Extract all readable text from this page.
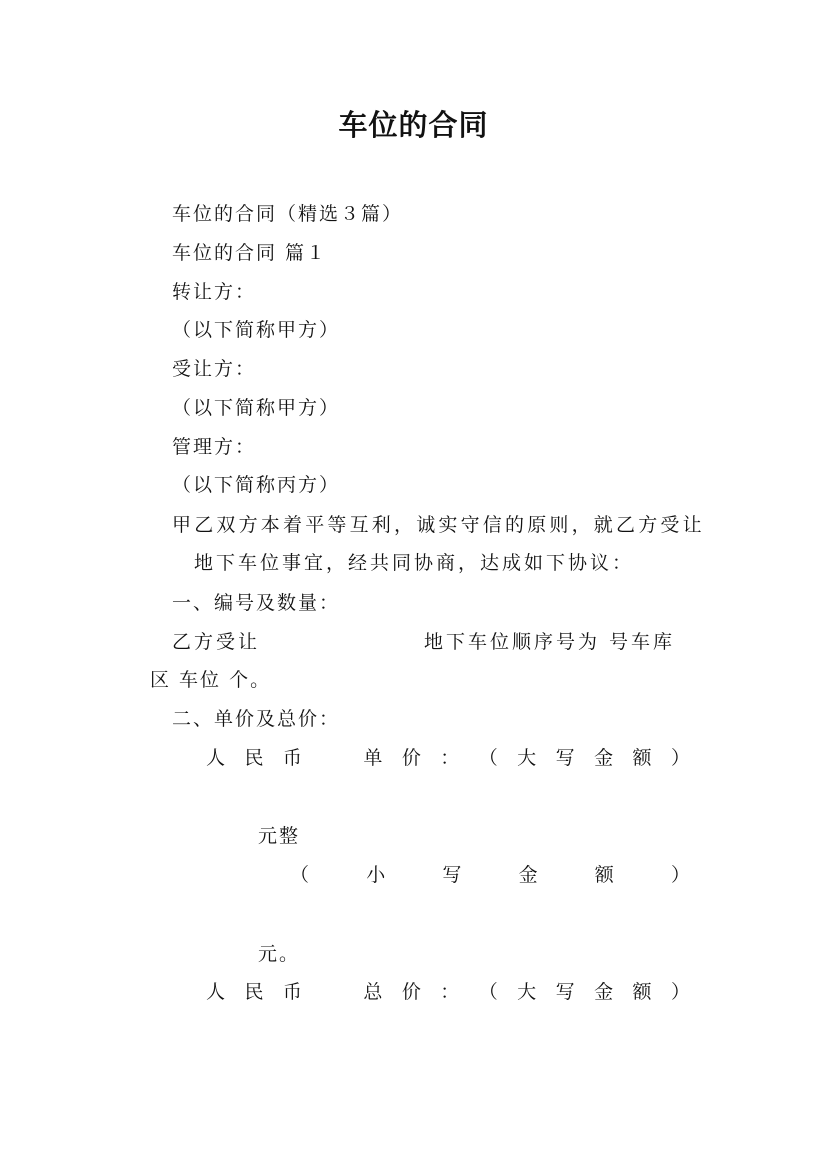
车位的合同
车位的合同（精选３篇）
车位的合同 篇１
转让方：
（以下简称甲方）
受让方：
（以下简称甲方）
管理方：
（以下简称丙方）
甲乙双方本着平等互利，诚实守信的原则，就乙方受让
地下车位事宜，经共同协商，达成如下协议：
一、编号及数量：
乙方受让	地下车位顺序号为 号车库
区 车位 个。
二、单价及总价：
人 民 币	单 价 ： （ 大 写 金 额 ）
元整
（	小	写	金	额	）
元。
人 民 币	总 价 ： （ 大 写 金 额 ）
